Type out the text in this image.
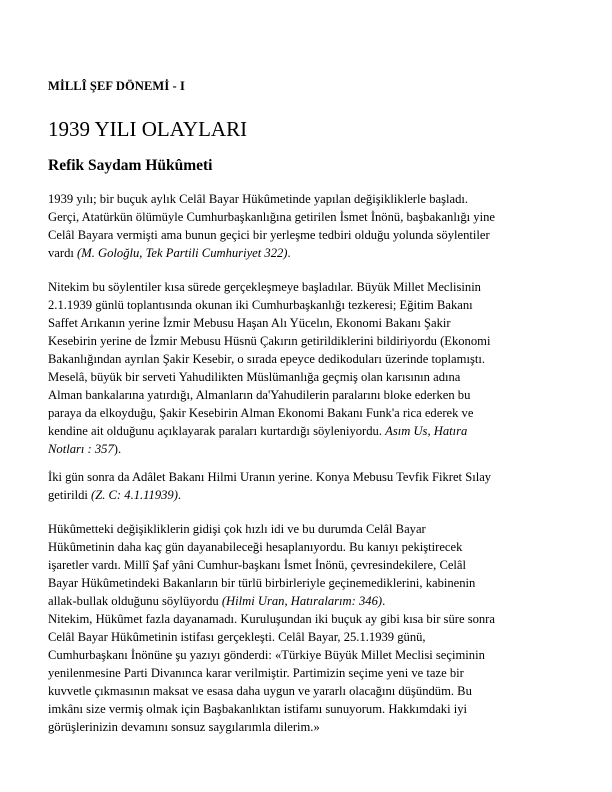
MİLLÎ ŞEF DÖNEMİ - I
1939 YILI OLAYLARI
Refik Saydam Hükûmeti
1939 yılı; bir buçuk aylık Celâl Bayar Hükûmetinde yapılan değişikliklerle başladı.
Gerçi, Atatürkün ölümüyle Cumhurbaşkanlığına getirilen İsmet İnönü, başbakanlığı yine
Celâl Bayara vermişti ama bunun geçici bir yerleşme tedbiri olduğu yolunda söylentiler
vardı (M. Goloğlu, Tek Partili Cumhuriyet 322).
Nitekim bu söylentiler kısa sürede gerçekleşmeye başladılar. Büyük Millet Meclisinin
2.1.1939 günlü toplantısında okunan iki Cumhurbaşkanlığı tezkeresi; Eğitim Bakanı
Saffet Arıkanın yerine İzmir Mebusu Haşan Alı Yücelın, Ekonomi Bakanı Şakir
Kesebirin yerine de İzmir Mebusu Hüsnü Çakırın getirildiklerini bildiriyordu (Ekonomi
Bakanlığından ayrılan Şakir Kesebir, o sırada epeyce dedikoduları üzerinde toplamıştı.
Meselâ, büyük bir serveti Yahudilikten Müslümanlığa geçmiş olan karısının adına
Alman bankalarına yatırdığı, Almanların da'Yahudilerin paralarını bloke ederken bu
paraya da elkoyduğu, Şakir Kesebirin Alman Ekonomi Bakanı Funk'a rica ederek ve
kendine ait olduğunu açıklayarak paraları kurtardığı söyleniyordu. Asım Us, Hatıra
Notları : 357).
İki gün sonra da Adâlet Bakanı Hilmi Uranın yerine. Konya Mebusu Tevfik Fikret Sılay
getirildi (Z. C: 4.1.11939).
Hükûmetteki değişikliklerin gidişi çok hızlı idi ve bu durumda Celâl Bayar
Hükûmetinin daha kaç gün dayanabileceği hesaplanıyordu. Bu kanıyı pekiştirecek
işaretler vardı. Millî Şaf yâni Cumhur-başkanı İsmet İnönü, çevresindekilere, Celâl
Bayar Hükûmetindeki Bakanların bir türlü birbirleriyle geçinemediklerini, kabinenin
allak-bullak olduğunu söylüyordu (Hilmi Uran, Hatıralarım: 346).
Nitekim, Hükûmet fazla dayanamadı. Kuruluşundan iki buçuk ay gibi kısa bir süre sonra
Celâl Bayar Hükûmetinin istifası gerçekleşti. Celâl Bayar, 25.1.1939 günü,
Cumhurbaşkanı İnönüne şu yazıyı gönderdi: «Türkiye Büyük Millet Meclisi seçiminin
yenilenmesine Parti Divanınca karar verilmiştir. Partimizin seçime yeni ve taze bir
kuvvetle çıkmasının maksat ve esasa daha uygun ve yararlı olacağını düşündüm. Bu
imkânı size vermiş olmak için Başbakanlıktan istifamı sunuyorum. Hakkımdaki iyi
görüşlerinizin devamını sonsuz saygılarımla dilerim.»
